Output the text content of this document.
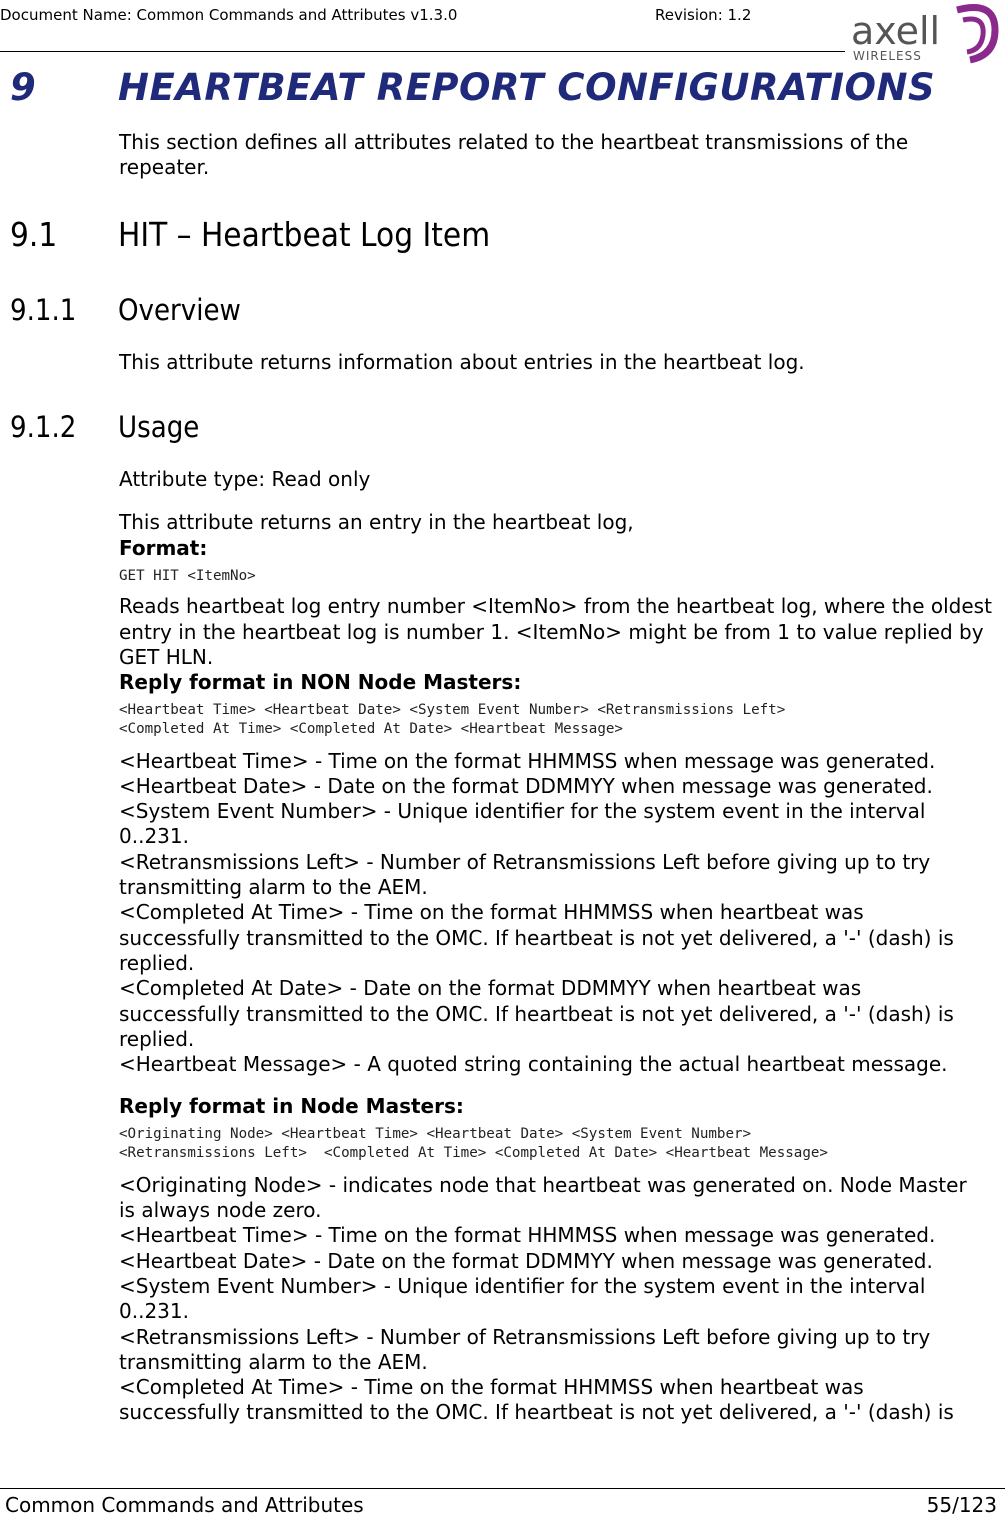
Document Name: Common Commands and Attributes v1.3.0	Revision: 1.2	axell
WIRELESS
9 HEARTBEAT REPORT CONFIGURATIONS

This section defines all attributes related to the heartbeat transmissions of the repeater.

9.1 HIT – Heartbeat Log Item
9.1.1 Overview

This attribute returns information about entries in the heartbeat log.

9.1.2 Usage

Attribute type: Read only

This attribute returns an entry in the heartbeat log,

Format:

GET HIT <ItemNo>

Reads heartbeat log entry number <ItemNo> from the heartbeat log, where the oldest entry in the heartbeat log is number 1. <ItemNo> might be from 1 to value replied by GET HLN.

Reply format in NON Node Masters:

<Heartbeat Time> <Heartbeat Date> <System Event Number> <Retransmissions Left>
<Completed At Time> <Completed At Date> <Heartbeat Message>
<Heartbeat Time> - Time on the format HHMMSS when message was generated.
<Heartbeat Date> - Date on the format DDMMYY when message was generated.
<System Event Number> - Unique identifier for the system event in the interval
0..231.
<Retransmissions Left> - Number of Retransmissions Left before giving up to try
transmitting alarm to the AEM.
<Completed At Time> - Time on the format HHMMSS when heartbeat was
successfully transmitted to the OMC. If heartbeat is not yet delivered, a '-' (dash) is
replied.
<Completed At Date> - Date on the format DDMMYY when heartbeat was
successfully transmitted to the OMC. If heartbeat is not yet delivered, a '-' (dash) is
replied.
<Heartbeat Message> - A quoted string containing the actual heartbeat message.

Reply format in Node Masters:

<Originating Node> <Heartbeat Time> <Heartbeat Date> <System Event Number>
<Retransmissions Left>  <Completed At Time> <Completed At Date> <Heartbeat Message>
<Originating Node> - indicates node that heartbeat was generated on. Node Master
is always node zero.
<Heartbeat Time> - Time on the format HHMMSS when message was generated.
<Heartbeat Date> - Date on the format DDMMYY when message was generated.
<System Event Number> - Unique identifier for the system event in the interval
0..231.
<Retransmissions Left> - Number of Retransmissions Left before giving up to try
transmitting alarm to the AEM.
<Completed At Time> - Time on the format HHMMSS when heartbeat was
successfully transmitted to the OMC. If heartbeat is not yet delivered, a '-' (dash) is
Common Commands and Attributes	55/123
